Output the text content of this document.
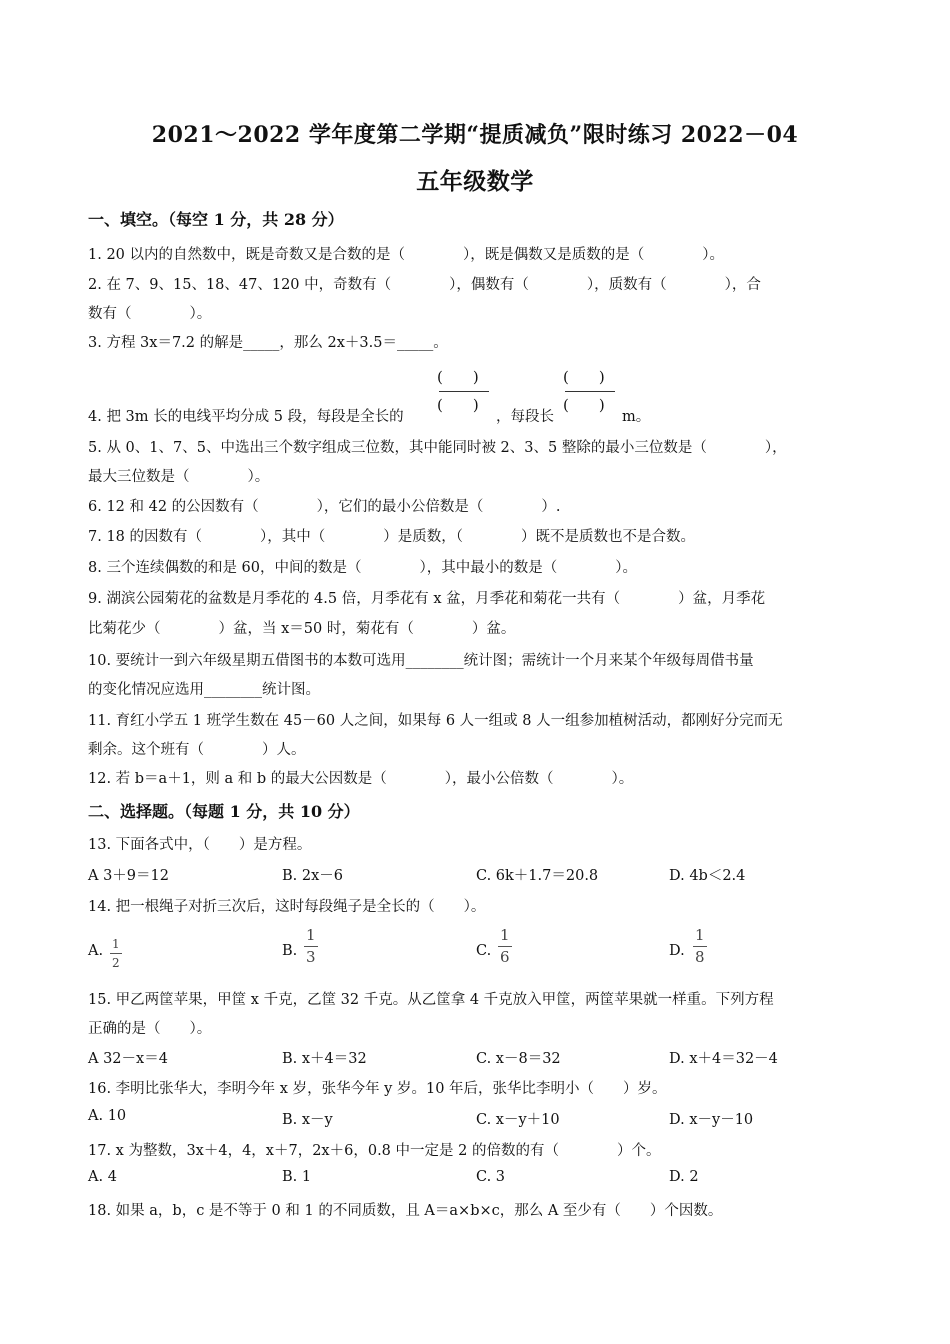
2021～2022 学年度第二学期“提质减负”限时练习 2022－04
五年级数学
一、填空。（每空 1 分，共 28 分）
1. 20 以内的自然数中，既是奇数又是合数的是（　　　　），既是偶数又是质数的是（　　　　）。
2. 在 7、9、15、18、47、120 中，奇数有（　　　　），偶数有（　　　　），质数有（　　　　），合
数有（　　　　）。
3. 方程 3x＝7.2 的解是_____，那么 2x＋3.5＝_____。
4. 把 3m 长的电线平均分成 5 段，每段是全长的
(　　)
(　　)
，每段长
(　　)
(　　)
m。
5. 从 0、1、7、5、中选出三个数字组成三位数，其中能同时被 2、3、5 整除的最小三位数是（　　　　），
最大三位数是（　　　　）。
6. 12 和 42 的公因数有（　　　　），它们的最小公倍数是（　　　　）.
7. 18 的因数有（　　　　），其中（　　　　）是质数，（　　　　）既不是质数也不是合数。
8. 三个连续偶数的和是 60，中间的数是（　　　　），其中最小的数是（　　　　）。
9. 湖滨公园菊花的盆数是月季花的 4.5 倍，月季花有 x 盆，月季花和菊花一共有（　　　　）盆，月季花
比菊花少（　　　　）盆，当 x＝50 时，菊花有（　　　　）盆。
10. 要统计一到六年级星期五借图书的本数可选用________统计图；需统计一个月来某个年级每周借书量
的变化情况应选用________统计图。
11. 育红小学五 1 班学生数在 45－60 人之间，如果每 6 人一组或 8 人一组参加植树活动，都刚好分完而无
剩余。这个班有（　　　　）人。
12. 若 b＝a＋1，则 a 和 b 的最大公因数是（　　　　），最小公倍数（　　　　）。
二、选择题。（每题 1 分，共 10 分）
13. 下面各式中，（　　）是方程。
A 3＋9＝12	B. 2x－6	C. 6k＋1.7＝20.8	D. 4b＜2.4
14. 把一根绳子对折三次后，这时每段绳子是全长的（　　）。
A. 1
2
B.
1
3	C.
1
6	D.
1
8
15. 甲乙两筐苹果，甲筐 x 千克，乙筐 32 千克。从乙筐拿 4 千克放入甲筐，两筐苹果就一样重。下列方程
正确的是（　　）。
A 32－x＝4	B. x＋4＝32	C. x－8＝32	D. x＋4＝32－4
16. 李明比张华大，李明今年 x 岁，张华今年 y 岁。10 年后，张华比李明小（　　）岁。
A. 10	B. x－y	C. x－y＋10	D. x－y－10
17. x 为整数，3x＋4，4，x＋7，2x＋6，0.8 中一定是 2 的倍数的有（　　　　）个。
A. 4	B. 1	C. 3	D. 2
18. 如果 a，b，c 是不等于 0 和 1 的不同质数，且 A＝a×b×c，那么 A 至少有（　　）个因数。
